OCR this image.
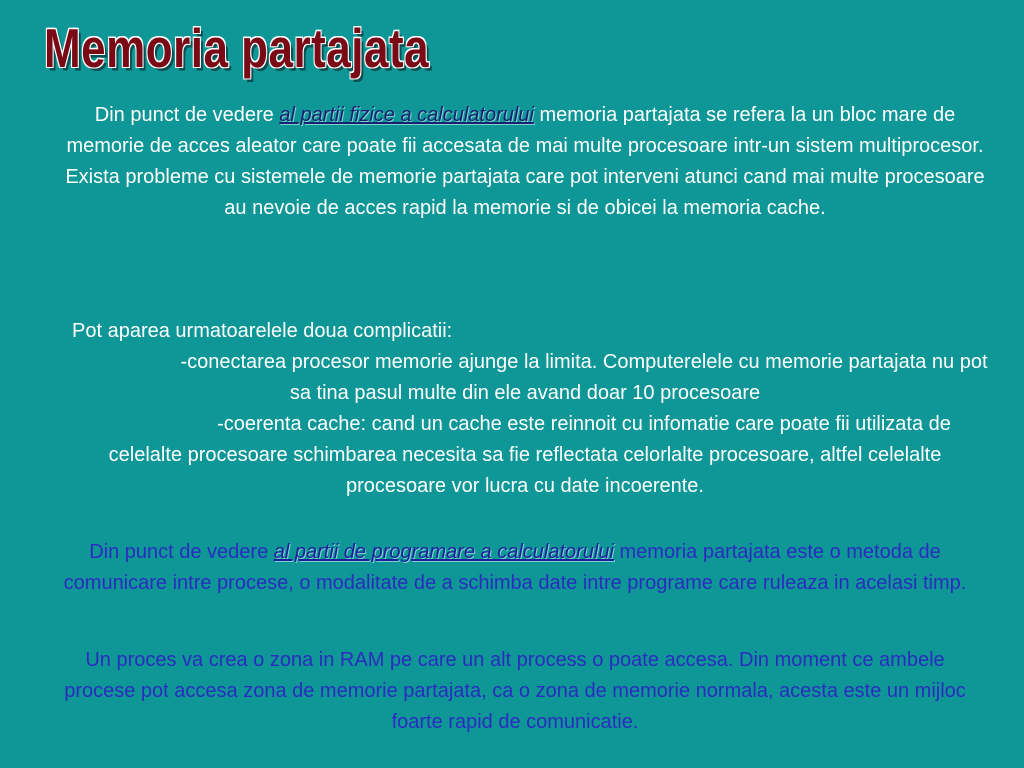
Memoria partajata
Din punct de vedere al partii fizice a calculatorului memoria partajata se refera la un bloc mare de memorie de acces aleator care poate fii accesata de mai multe procesoare intr-un sistem multiprocesor.
Exista probleme cu sistemele de memorie partajata care pot interveni atunci cand mai multe procesoare au nevoie de acces rapid la memorie si de obicei la memoria cache.
Pot aparea urmatoarelele doua complicatii:
-conectarea procesor memorie ajunge la limita. Computerelele cu memorie partajata nu pot sa tina pasul multe din ele avand doar 10 procesoare
-coerenta cache: cand un cache este reinnoit cu infomatie care poate fii utilizata de celelalte procesoare schimbarea necesita sa fie reflectata celorlalte procesoare, altfel celelalte procesoare vor lucra cu date incoerente.
Din punct de vedere al partii de programare a calculatorului memoria partajata este o metoda de comunicare intre procese, o modalitate de a schimba date intre programe care ruleaza in acelasi timp.
Un proces va crea o zona in RAM pe care un alt process o poate accesa. Din moment ce ambele procese pot accesa zona de memorie partajata, ca o zona de memorie normala, acesta este un mijloc foarte rapid de comunicatie.
